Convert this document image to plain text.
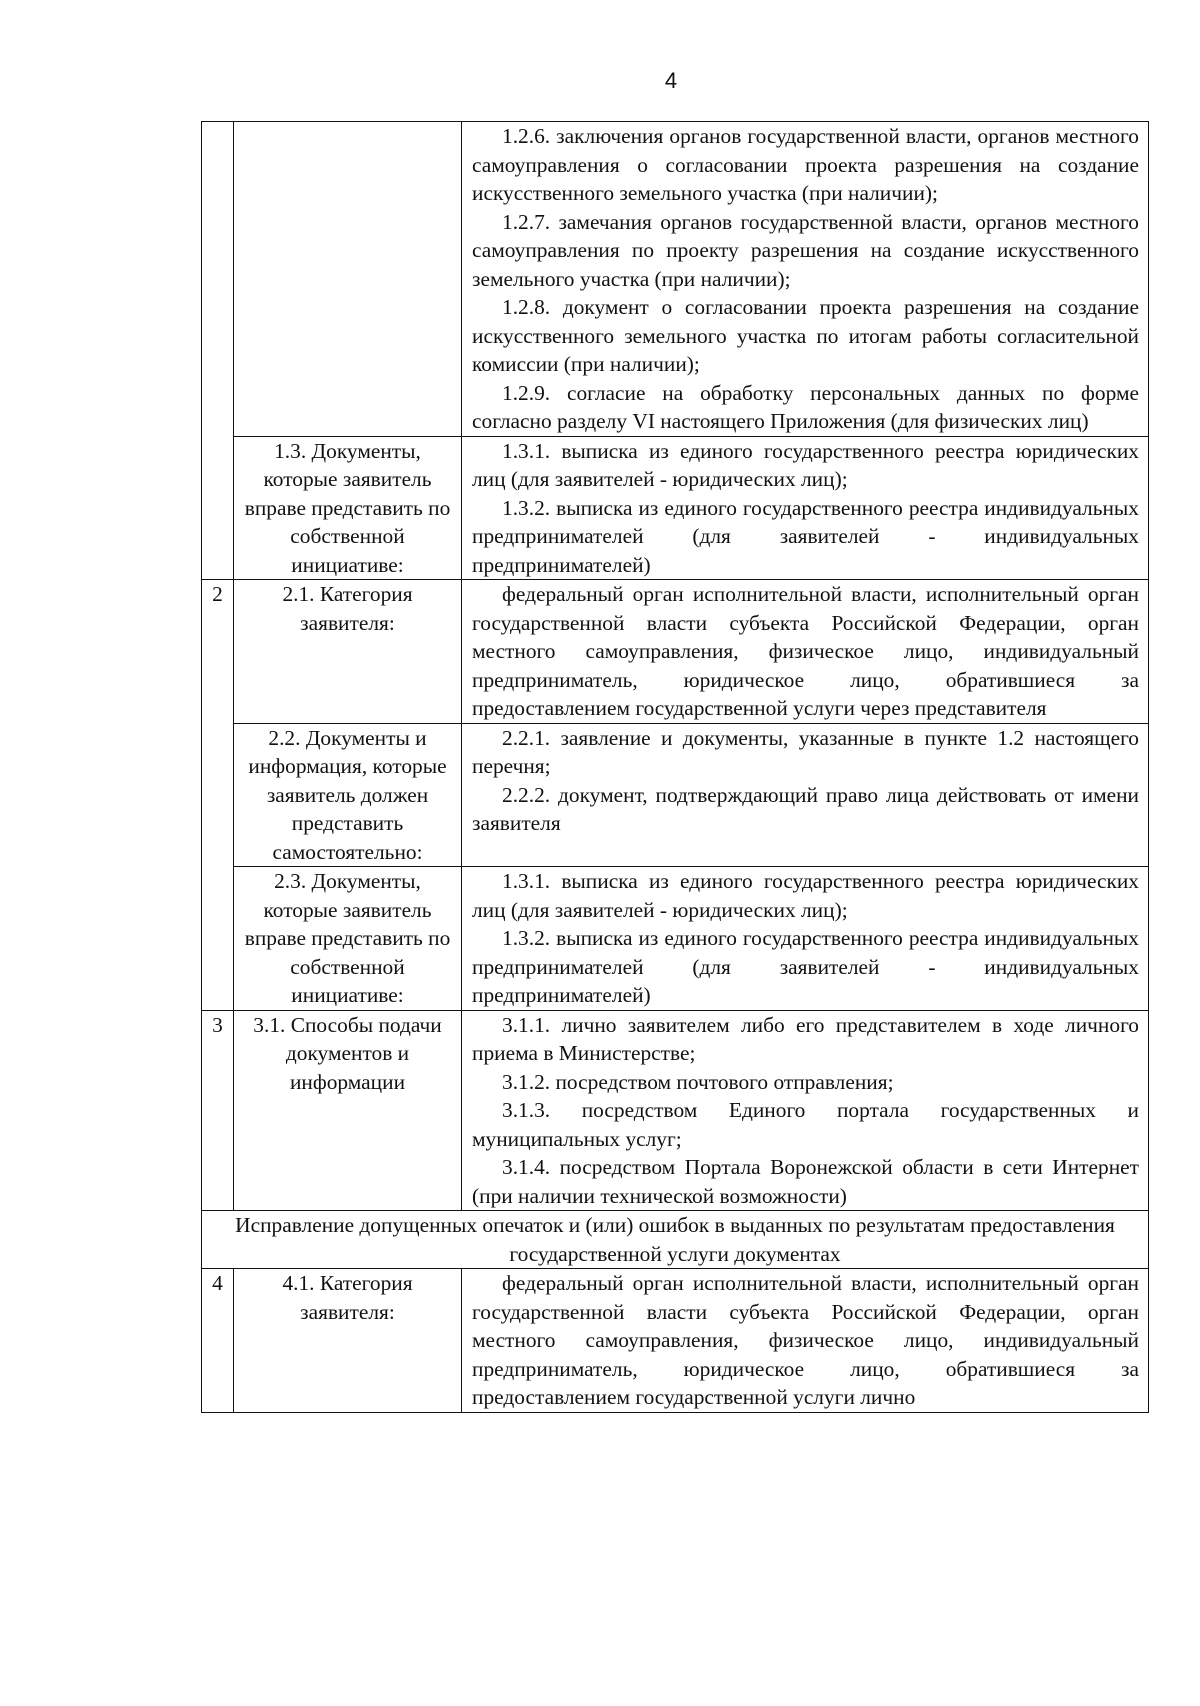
4

		1.2.6. заключения органов государственной власти, органов местного самоуправления о согласовании проекта разрешения на создание искусственного земельного участка (при наличии);

1.2.7. замечания органов государственной власти, органов местного самоуправления по проекту разрешения на создание искусственного земельного участка (при наличии);

1.2.8. документ о согласовании проекта разрешения на создание искусственного земельного участка по итогам работы согласительной комиссии (при наличии);

1.2.9. согласие на обработку персональных данных по форме согласно разделу VI настоящего Приложения (для физических лиц)

	1.3. Документы, которые заявитель вправе представить по собственной инициативе:	1.3.1. выписка из единого государственного реестра юридических лиц (для заявителей - юридических лиц);

1.3.2. выписка из единого государственного реестра индивидуальных предпринимателей (для заявителей - индивидуальных предпринимателей)

2	2.1. Категория заявителя:	федеральный орган исполнительной власти, исполнительный орган государственной власти субъекта Российской Федерации, орган местного самоуправления, физическое лицо, индивидуальный предприниматель, юридическое лицо, обратившиеся за предоставлением государственной услуги через представителя

	2.2. Документы и информация, которые заявитель должен представить самостоятельно:	2.2.1. заявление и документы, указанные в пункте 1.2 настоящего перечня;

2.2.2. документ, подтверждающий право лица действовать от имени заявителя

	2.3. Документы, которые заявитель вправе представить по собственной инициативе:	1.3.1. выписка из единого государственного реестра юридических лиц (для заявителей - юридических лиц);

1.3.2. выписка из единого государственного реестра индивидуальных предпринимателей (для заявителей - индивидуальных предпринимателей)

3	3.1. Способы подачи документов и информации	3.1.1. лично заявителем либо его представителем в ходе личного приема в Министерстве;

3.1.2. посредством почтового отправления;

3.1.3. посредством Единого портала государственных и муниципальных услуг;

3.1.4. посредством Портала Воронежской области в сети Интернет (при наличии технической возможности)

Исправление допущенных опечаток и (или) ошибок в выданных по результатам предоставления государственной услуги документах		
4	4.1. Категория заявителя:	федеральный орган исполнительной власти, исполнительный орган государственной власти субъекта Российской Федерации, орган местного самоуправления, физическое лицо, индивидуальный предприниматель, юридическое лицо, обратившиеся за предоставлением государственной услуги лично
